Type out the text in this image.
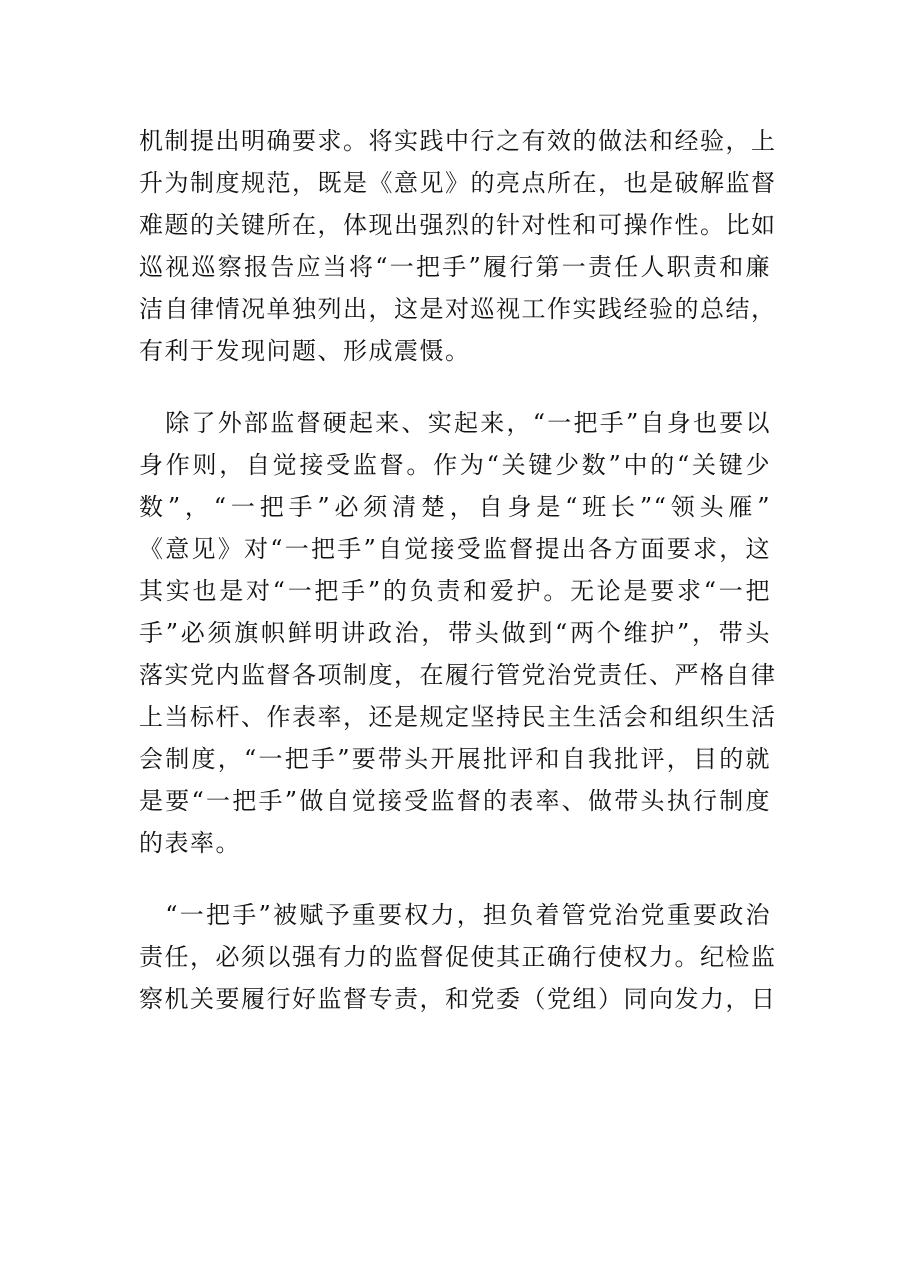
机制提出明确要求。将实践中行之有效的做法和经验，上
升为制度规范，既是《意见》的亮点所在，也是破解监督
难题的关键所在，体现出强烈的针对性和可操作性。比如
巡视巡察报告应当将“一把手”履行第一责任人职责和廉
洁自律情况单独列出，这是对巡视工作实践经验的总结，
有利于发现问题、形成震慑。
　除了外部监督硬起来、实起来，“一把手”自身也要以
身作则，自觉接受监督。作为“关键少数”中的“关键少
数”，“一把手”必须清楚，自身是“班长”“领头雁”
《意见》对“一把手”自觉接受监督提出各方面要求，这
其实也是对“一把手”的负责和爱护。无论是要求“一把
手”必须旗帜鲜明讲政治，带头做到“两个维护”，带头
落实党内监督各项制度，在履行管党治党责任、严格自律
上当标杆、作表率，还是规定坚持民主生活会和组织生活
会制度，“一把手”要带头开展批评和自我批评，目的就
是要“一把手”做自觉接受监督的表率、做带头执行制度
的表率。
　“一把手”被赋予重要权力，担负着管党治党重要政治
责任，必须以强有力的监督促使其正确行使权力。纪检监
察机关要履行好监督专责，和党委（党组）同向发力，日
